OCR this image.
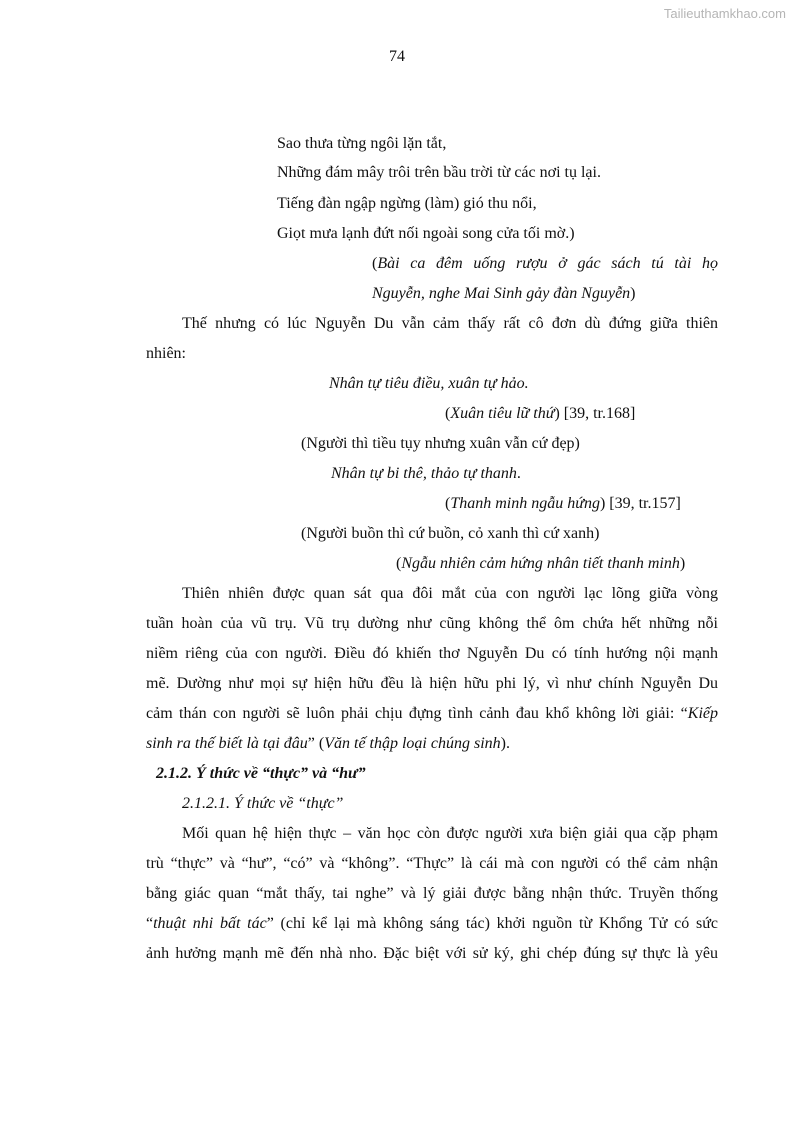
Tailieuthamkhao.com
74
Sao thưa từng ngôi lặn tắt,
Những đám mây trôi trên bầu trời từ các nơi tụ lại.
Tiếng đàn ngập ngừng (làm) gió thu nổi,
Giọt mưa lạnh đứt nối ngoài song cửa tối mờ.)
(Bài ca đêm uống rượu ở gác sách tú tài họ
Nguyễn, nghe Mai Sinh gảy đàn Nguyễn)
Thế nhưng có lúc Nguyễn Du vẫn cảm thấy rất cô đơn dù đứng giữa thiên
nhiên:
Nhân tự tiêu điều, xuân tự hảo.
(Xuân tiêu lữ thứ) [39, tr.168]
(Người thì tiều tụy nhưng xuân vẫn cứ đẹp)
Nhân tự bi thê, thảo tự thanh.
(Thanh minh ngẫu hứng) [39, tr.157]
(Người buồn thì cứ buồn, cỏ xanh thì cứ xanh)
(Ngẫu nhiên cảm hứng nhân tiết thanh minh)
Thiên nhiên được quan sát qua đôi mắt của con người lạc lõng giữa vòng
tuần hoàn của vũ trụ. Vũ trụ dường như cũng không thể ôm chứa hết những nỗi
niềm riêng của con người. Điều đó khiến thơ Nguyễn Du có tính hướng nội mạnh
mẽ. Dường như mọi sự hiện hữu đều là hiện hữu phi lý, vì như chính Nguyễn Du
cảm thán con người sẽ luôn phải chịu đựng tình cảnh đau khổ không lời giải: “Kiếp
sinh ra thế biết là tại đâu” (Văn tế thập loại chúng sinh).
2.1.2. Ý thức về “thực” và “hư”
2.1.2.1. Ý thức về “thực”
Mối quan hệ hiện thực – văn học còn được người xưa biện giải qua cặp phạm
trù “thực” và “hư”, “có” và “không”. “Thực” là cái mà con người có thể cảm nhận
bằng giác quan “mắt thấy, tai nghe” và lý giải được bằng nhận thức. Truyền thống
“thuật nhi bất tác” (chỉ kể lại mà không sáng tác) khởi nguồn từ Khổng Tử có sức
ảnh hưởng mạnh mẽ đến nhà nho. Đặc biệt với sử ký, ghi chép đúng sự thực là yêu
